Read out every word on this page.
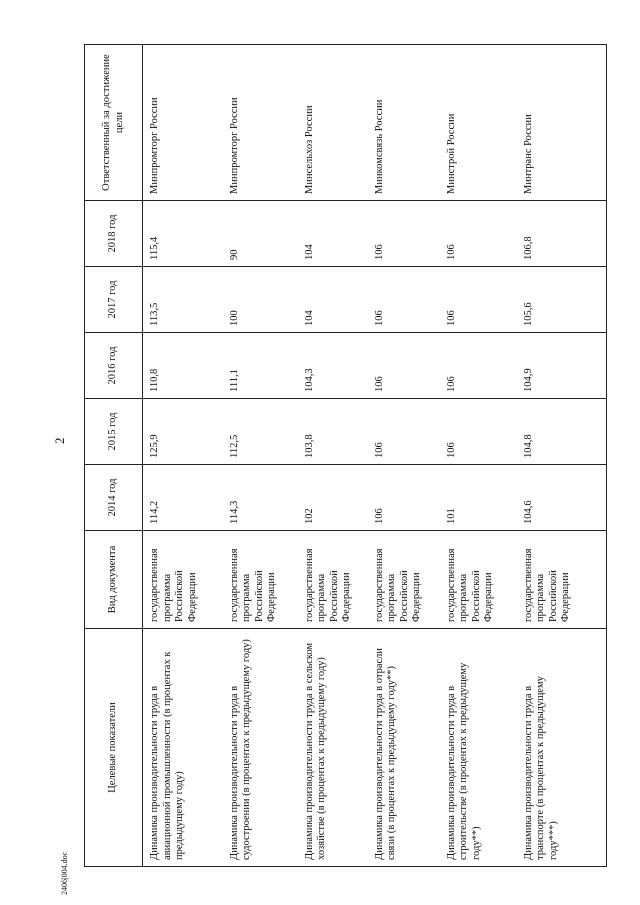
2
2406|004.doc
Целевые показатели	Вид документа	2014 год	2015 год	2016 год	2017 год	2018 год	Ответственный за достижение цели
Динамика производительности труда в авиационной промышленности (в процентах к предыдущему году)	государственная программа Российской Федерации	114,2	125,9	110,8	113,5	115,4	Минпромторг России
Динамика производительности труда в судостроении (в процентах к предыдущему году)	государственная программа Российской Федерации	114,3	112,5	111,1	100	90	Минпромторг России
Динамика производительности труда в сельском хозяйстве (в процентах к предыдущему году)	государственная программа Российской Федерации	102	103,8	104,3	104	104	Минсельхоз России
Динамика производительности труда в отрасли связи (в процентах к предыдущему году**)	государственная программа Российской Федерации	106	106	106	106	106	Минкомсвязь России
Динамика производительности труда в строительстве (в процентах к предыдущему году**)	государственная программа Российской Федерации	101	106	106	106	106	Минстрой России
Динамика производительности труда в транспорте (в процентах к предыдущему году***)	государственная программа Российской Федерации	104,6	104,8	104,9	105,6	106,8	Минтранс России
